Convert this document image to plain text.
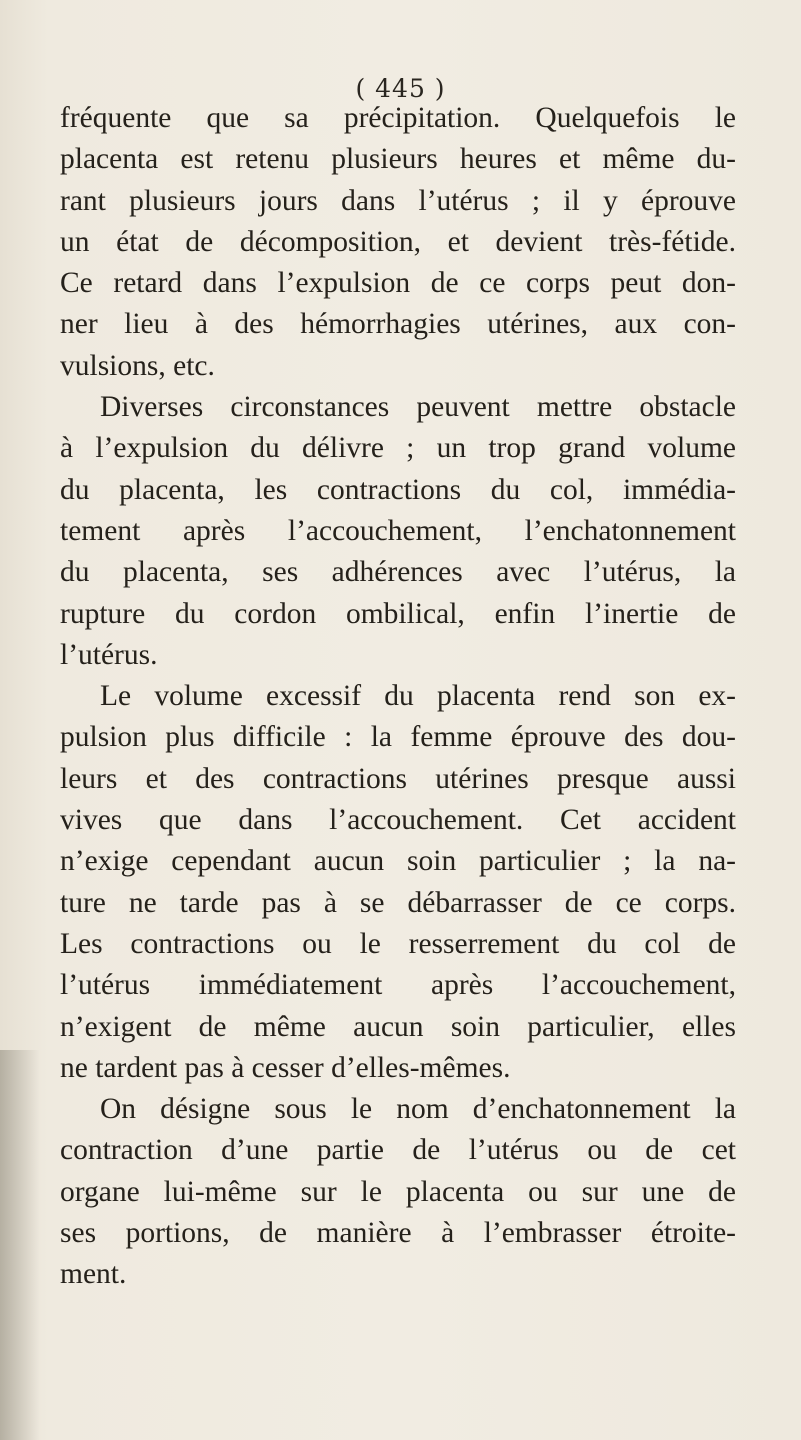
( 445 )
fréquente que sa précipitation. Quelquefois le
placenta est retenu plusieurs heures et même du-
rant plusieurs jours dans l’utérus ; il y éprouve
un état de décomposition, et devient très-fétide.
Ce retard dans l’expulsion de ce corps peut don-
ner lieu à des hémorrhagies utérines, aux con-
vulsions, etc.
Diverses circonstances peuvent mettre obstacle
à l’expulsion du délivre ; un trop grand volume
du placenta, les contractions du col, immédia-
tement après l’accouchement, l’enchatonnement
du placenta, ses adhérences avec l’utérus, la
rupture du cordon ombilical, enfin l’inertie de
l’utérus.
Le volume excessif du placenta rend son ex-
pulsion plus difficile : la femme éprouve des dou-
leurs et des contractions utérines presque aussi
vives que dans l’accouchement. Cet accident
n’exige cependant aucun soin particulier ; la na-
ture ne tarde pas à se débarrasser de ce corps.
Les contractions ou le resserrement du col de
l’utérus immédiatement après l’accouchement,
n’exigent de même aucun soin particulier, elles
ne tardent pas à cesser d’elles-mêmes.
On désigne sous le nom d’enchatonnement la
contraction d’une partie de l’utérus ou de cet
organe lui-même sur le placenta ou sur une de
ses portions, de manière à l’embrasser étroite-
ment.
